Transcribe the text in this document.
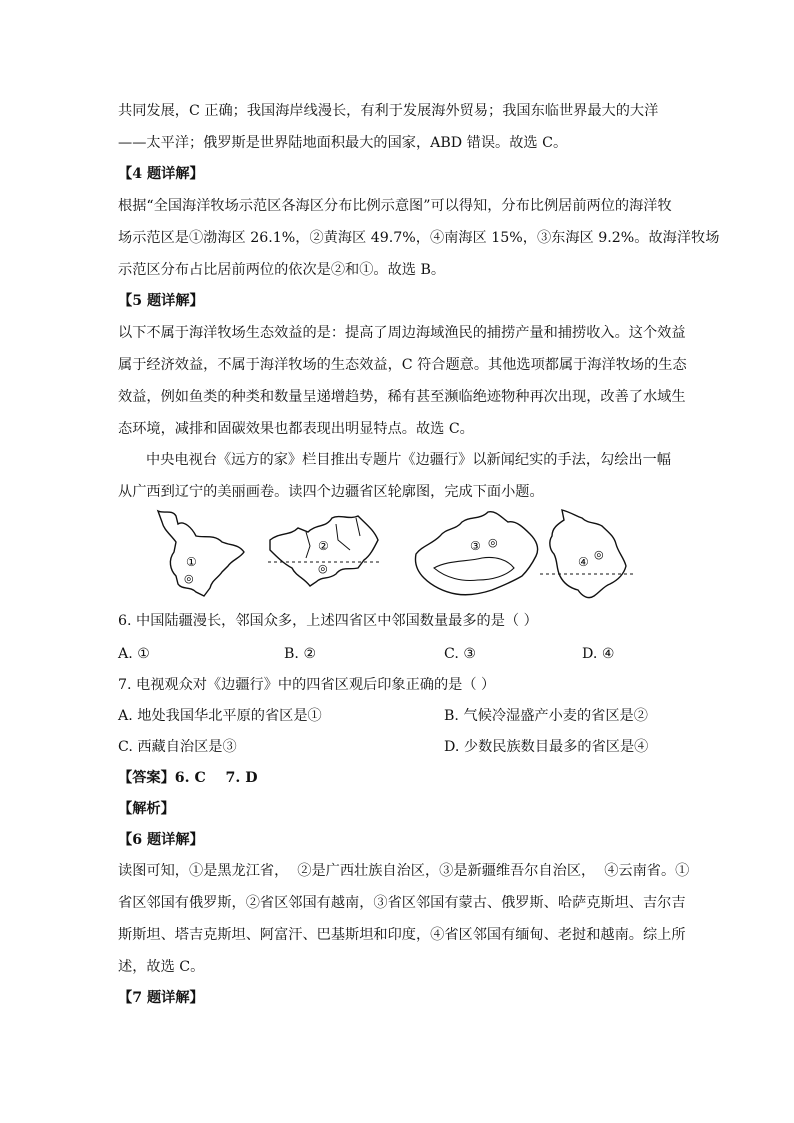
共同发展，C 正确；我国海岸线漫长，有利于发展海外贸易；我国东临世界最大的大洋
——太平洋；俄罗斯是世界陆地面积最大的国家，ABD 错误。故选 C。
【4 题详解】
根据“全国海洋牧场示范区各海区分布比例示意图”可以得知，分布比例居前两位的海洋牧
场示范区是①渤海区 26.1%，②黄海区 49.7%，④南海区 15%，③东海区 9.2%。故海洋牧场
示范区分布占比居前两位的依次是②和①。故选 B。
【5 题详解】
以下不属于海洋牧场生态效益的是：提高了周边海域渔民的捕捞产量和捕捞收入。这个效益
属于经济效益，不属于海洋牧场的生态效益，C 符合题意。其他选项都属于海洋牧场的生态
效益，例如鱼类的种类和数量呈递增趋势，稀有甚至濒临绝迹物种再次出现，改善了水域生
态环境，减排和固碳效果也都表现出明显特点。故选 C。
中央电视台《远方的家》栏目推出专题片《边疆行》以新闻纪实的手法，勾绘出一幅
从广西到辽宁的美丽画卷。读四个边疆省区轮廓图，完成下面小题。
①
◎
②
◎
③ ◎
④
◎
6. 中国陆疆漫长，邻国众多，上述四省区中邻国数量最多的是（ ）
A. ①	B. ②	C. ③	D. ④
7. 电视观众对《边疆行》中的四省区观后印象正确的是（ ）
A. 地处我国华北平原的省区是①	B. 气候冷湿盛产小麦的省区是②
C. 西藏自治区是③	D. 少数民族数目最多的省区是④
【答案】6. C    7. D
【解析】
【6 题详解】
读图可知，①是黑龙江省，  ②是广西壮族自治区，③是新疆维吾尔自治区，  ④云南省。①
省区邻国有俄罗斯，②省区邻国有越南，③省区邻国有蒙古、俄罗斯、哈萨克斯坦、吉尔吉
斯斯坦、塔吉克斯坦、阿富汗、巴基斯坦和印度，④省区邻国有缅甸、老挝和越南。综上所
述，故选 C。
【7 题详解】
